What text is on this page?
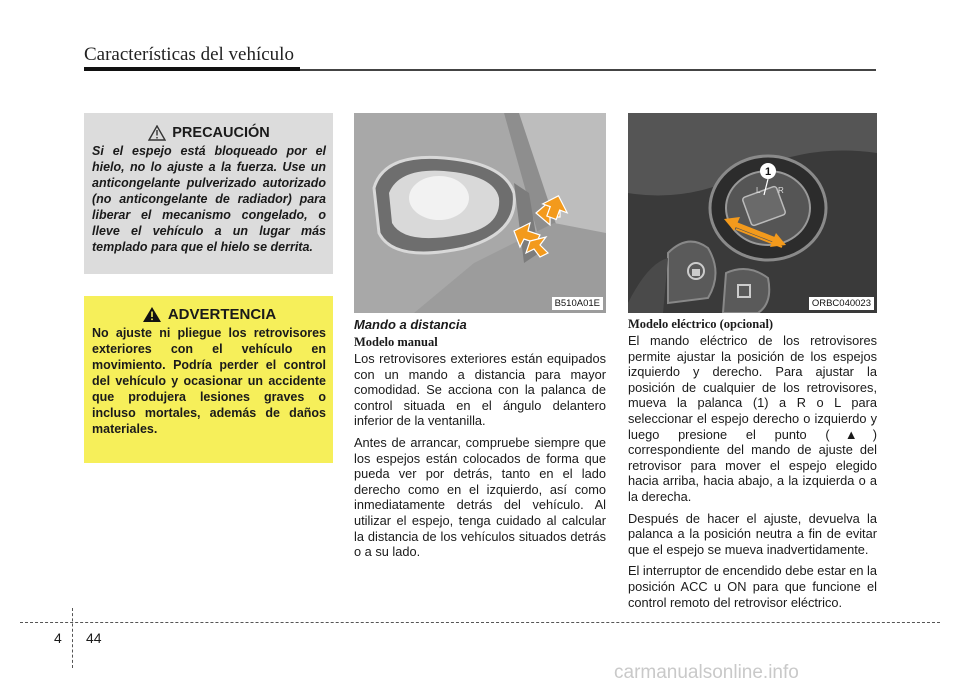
Características del vehículo
PRECAUCIÓN

Si el espejo está bloqueado por el hielo, no lo ajuste a la fuerza. Use un anticongelante pulverizado autorizado (no anticongelante de radiador) para liberar el mecanismo congelado, o lleve el vehículo a un lugar más templado para que el hielo se derrita.

ADVERTENCIA

No ajuste ni pliegue los retrovisores exteriores con el vehículo en movimiento. Podría perder el control del vehículo y ocasionar un accidente que produjera lesiones graves o incluso mortales, además de daños materiales.

B510A01E
1
L R
ORBC040023

Mando a distancia

Modelo manual

Los retrovisores exteriores están equipados con un mando a distancia para mayor comodidad. Se acciona con la palanca de control situada en el ángulo delantero inferior de la ventanilla.

Antes de arrancar, compruebe siempre que los espejos están colocados de forma que pueda ver por detrás, tanto en el lado derecho como en el izquierdo, así como inmediatamente detrás del vehículo. Al utilizar el espejo, tenga cuidado al calcular la distancia de los vehículos situados detrás o a su lado.

Modelo eléctrico (opcional)

El mando eléctrico de los retrovisores permite ajustar la posición de los espejos izquierdo y derecho. Para ajustar la posición de cualquier de los retrovisores, mueva la palanca (1) a R o L para seleccionar el espejo derecho o izquierdo y luego presione el punto (▲) correspondiente del mando de ajuste del retrovisor para mover el espejo elegido hacia arriba, hacia abajo, a la izquierda o a la derecha.

Después de hacer el ajuste, devuelva la palanca a la posición neutra a fin de evitar que el espejo se mueva inadvertidamente.

El interruptor de encendido debe estar en la posición ACC u ON para que funcione el control remoto del retrovisor eléctrico.

4 44
carmanualsonline.info
